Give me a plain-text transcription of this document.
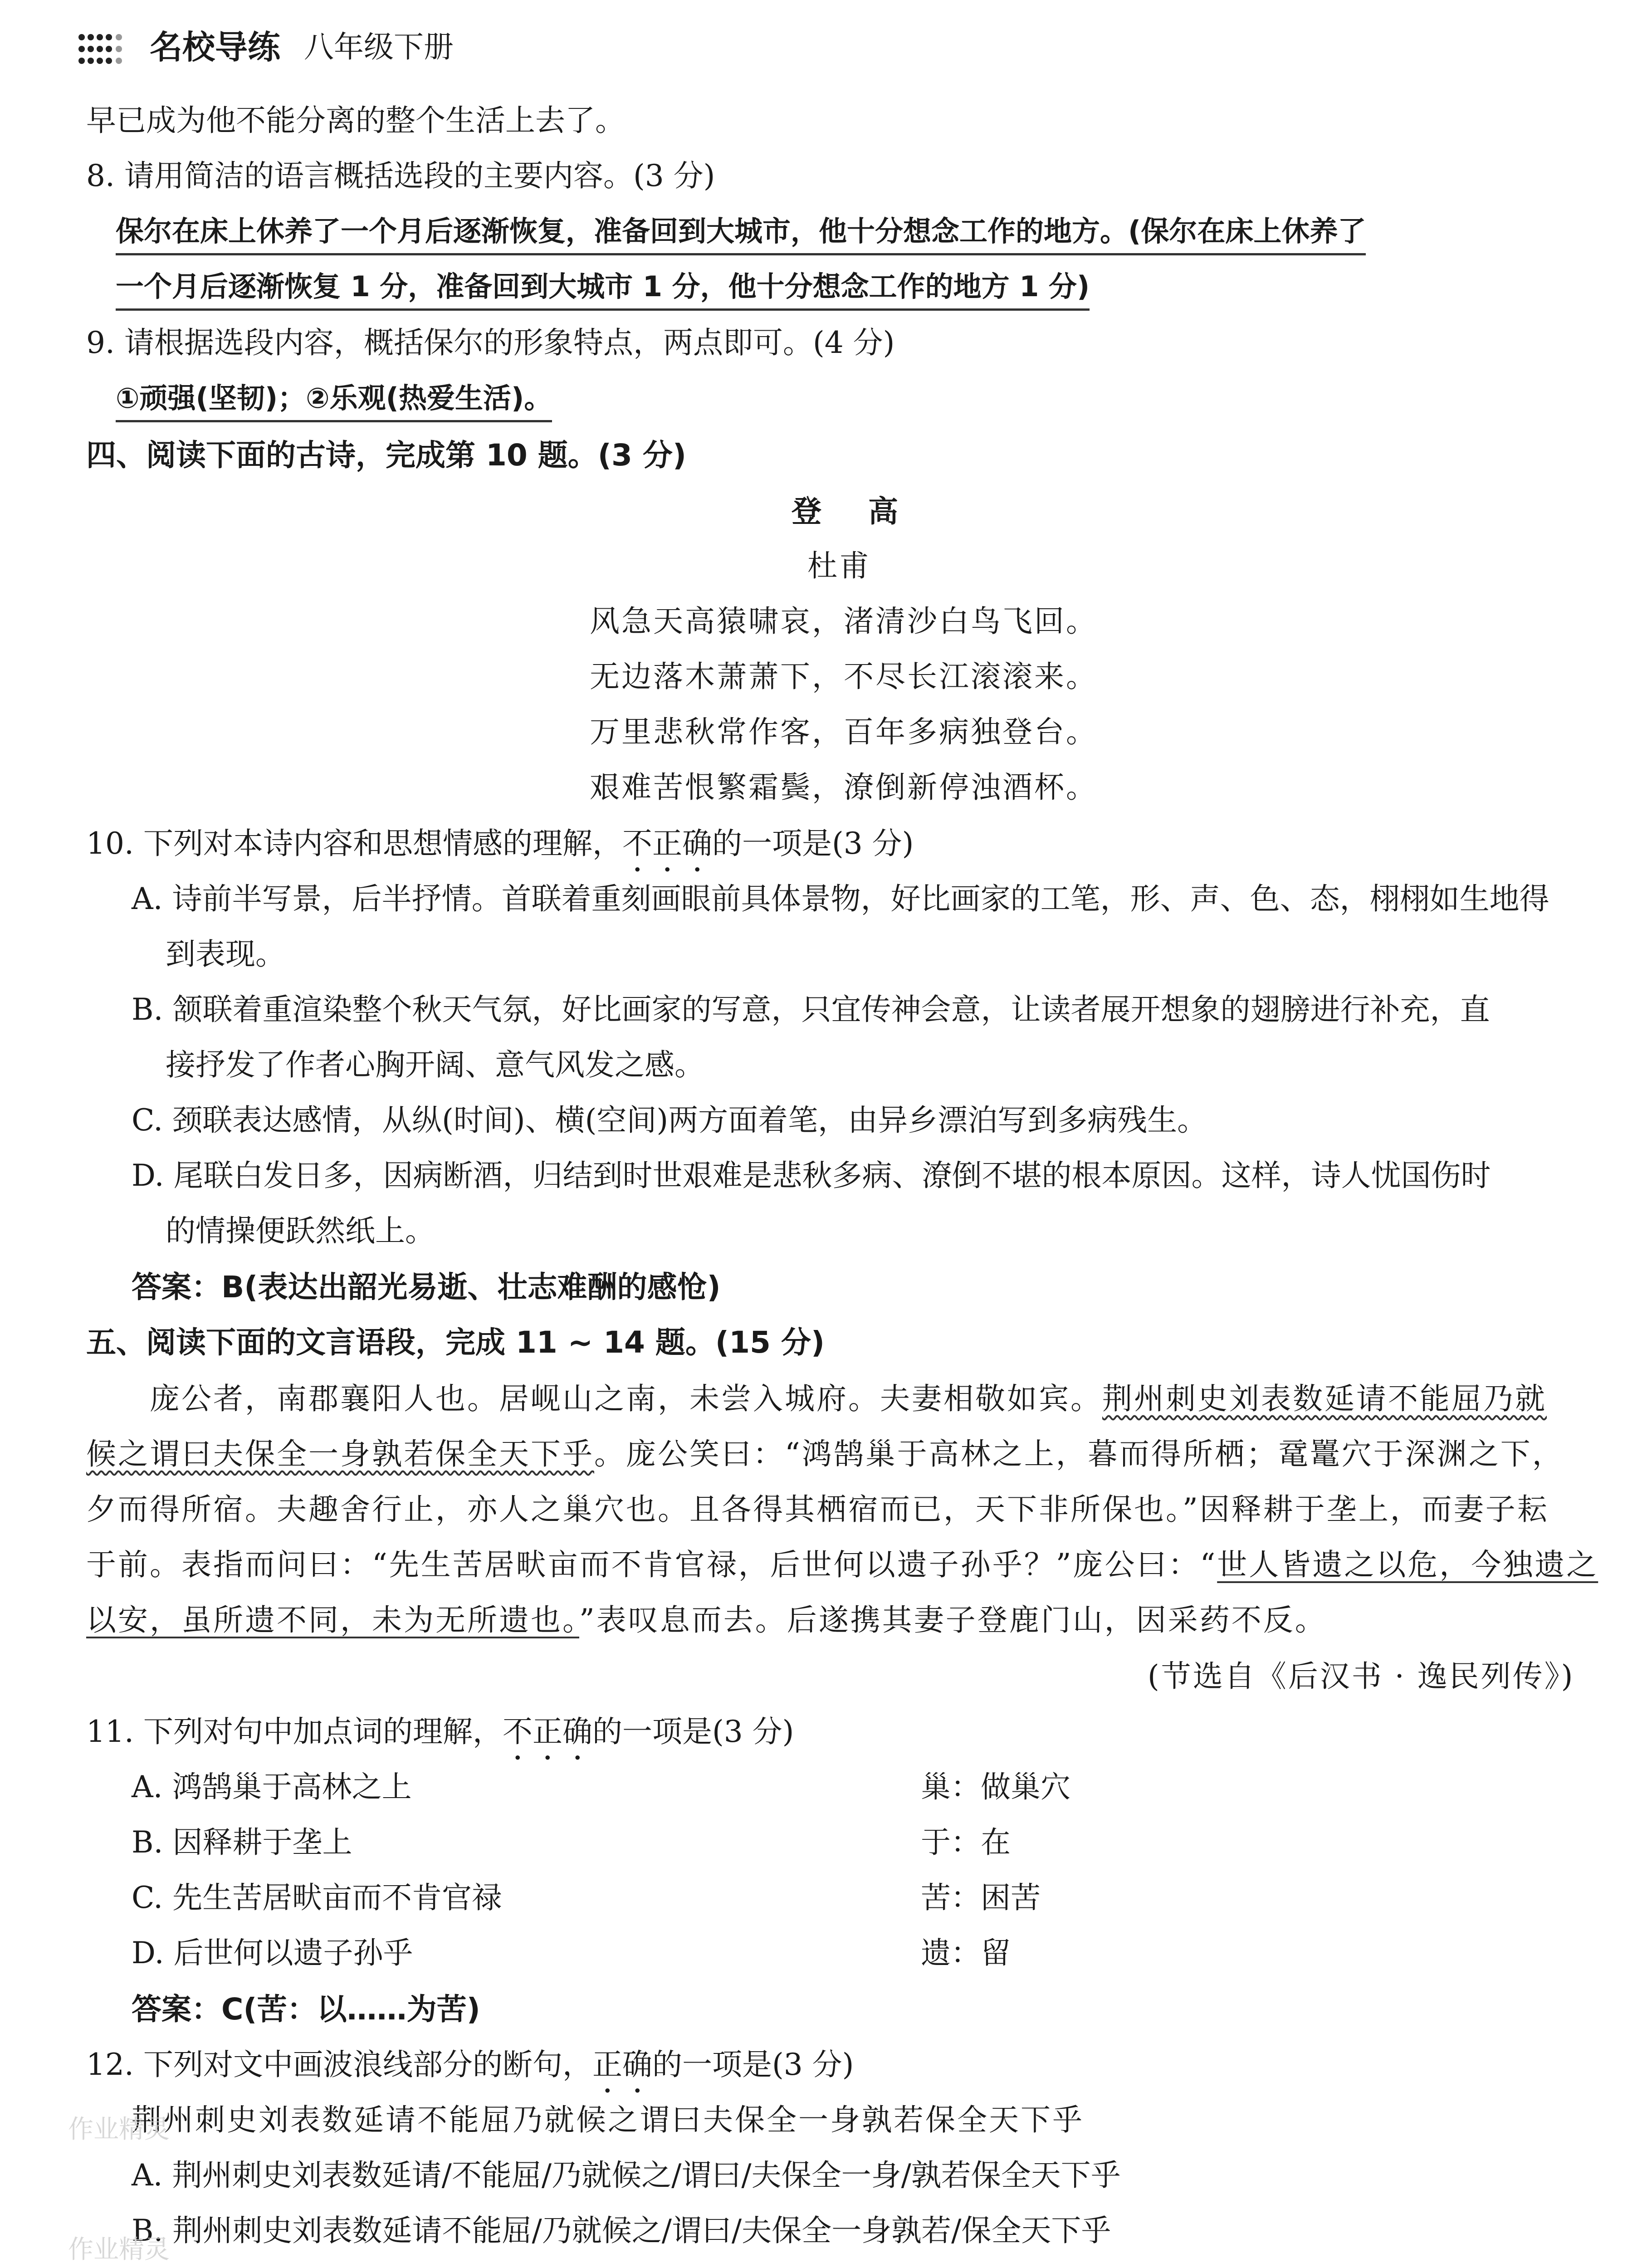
名校导练 八年级下册
早已成为他不能分离的整个生活上去了。
8. 请用简洁的语言概括选段的主要内容。(3 分)
保尔在床上休养了一个月后逐渐恢复，准备回到大城市，他十分想念工作的地方。(保尔在床上休养了
一个月后逐渐恢复 1 分，准备回到大城市 1 分，他十分想念工作的地方 1 分)
9. 请根据选段内容，概括保尔的形象特点，两点即可。(4 分)
①顽强(坚韧)；②乐观(热爱生活)。
四、阅读下面的古诗，完成第 10 题。(3 分)
登 高
杜甫
风急天高猿啸哀，渚清沙白鸟飞回。
无边落木萧萧下，不尽长江滚滚来。
万里悲秋常作客，百年多病独登台。
艰难苦恨繁霜鬓，潦倒新停浊酒杯。
10. 下列对本诗内容和思想情感的理解，不正确的一项是(3 分)
A. 诗前半写景，后半抒情。首联着重刻画眼前具体景物，好比画家的工笔，形、声、色、态，栩栩如生地得
到表现。
B. 颔联着重渲染整个秋天气氛，好比画家的写意，只宜传神会意，让读者展开想象的翅膀进行补充，直
接抒发了作者心胸开阔、意气风发之感。
C. 颈联表达感情，从纵(时间)、横(空间)两方面着笔，由异乡漂泊写到多病残生。
D. 尾联白发日多，因病断酒，归结到时世艰难是悲秋多病、潦倒不堪的根本原因。这样，诗人忧国伤时
的情操便跃然纸上。
答案：B(表达出韶光易逝、壮志难酬的感怆)
五、阅读下面的文言语段，完成 11 ~ 14 题。(15 分)
庞公者，南郡襄阳人也。居岘山之南，未尝入城府。夫妻相敬如宾。荆州刺史刘表数延请不能屈乃就
候之谓曰夫保全一身孰若保全天下乎。庞公笑曰：“鸿鹄巢于高林之上，暮而得所栖；鼋鼍穴于深渊之下，
夕而得所宿。夫趣舍行止，亦人之巢穴也。且各得其栖宿而已，天下非所保也。”因释耕于垄上，而妻子耘
于前。表指而问曰：“先生苦居畎亩而不肯官禄，后世何以遗子孙乎？”庞公曰：“世人皆遗之以危，今独遗之
以安，虽所遗不同，未为无所遗也。”表叹息而去。后遂携其妻子登鹿门山，因采药不反。
(节选自《后汉书 · 逸民列传》)
11. 下列对句中加点词的理解，不正确的一项是(3 分)
A. 鸿鹄巢于高林之上	巢：做巢穴
B. 因释耕于垄上	于：在
C. 先生苦居畎亩而不肯官禄	苦：困苦
D. 后世何以遗子孙乎	遗：留
答案：C(苦：以……为苦)
12. 下列对文中画波浪线部分的断句，正确的一项是(3 分)
荆州刺史刘表数延请不能屈乃就候之谓曰夫保全一身孰若保全天下乎
A. 荆州刺史刘表数延请/不能屈/乃就候之/谓曰/夫保全一身/孰若保全天下乎
B. 荆州刺史刘表数延请不能屈/乃就候之/谓曰/夫保全一身孰若/保全天下乎
作业精灵
作业精灵
